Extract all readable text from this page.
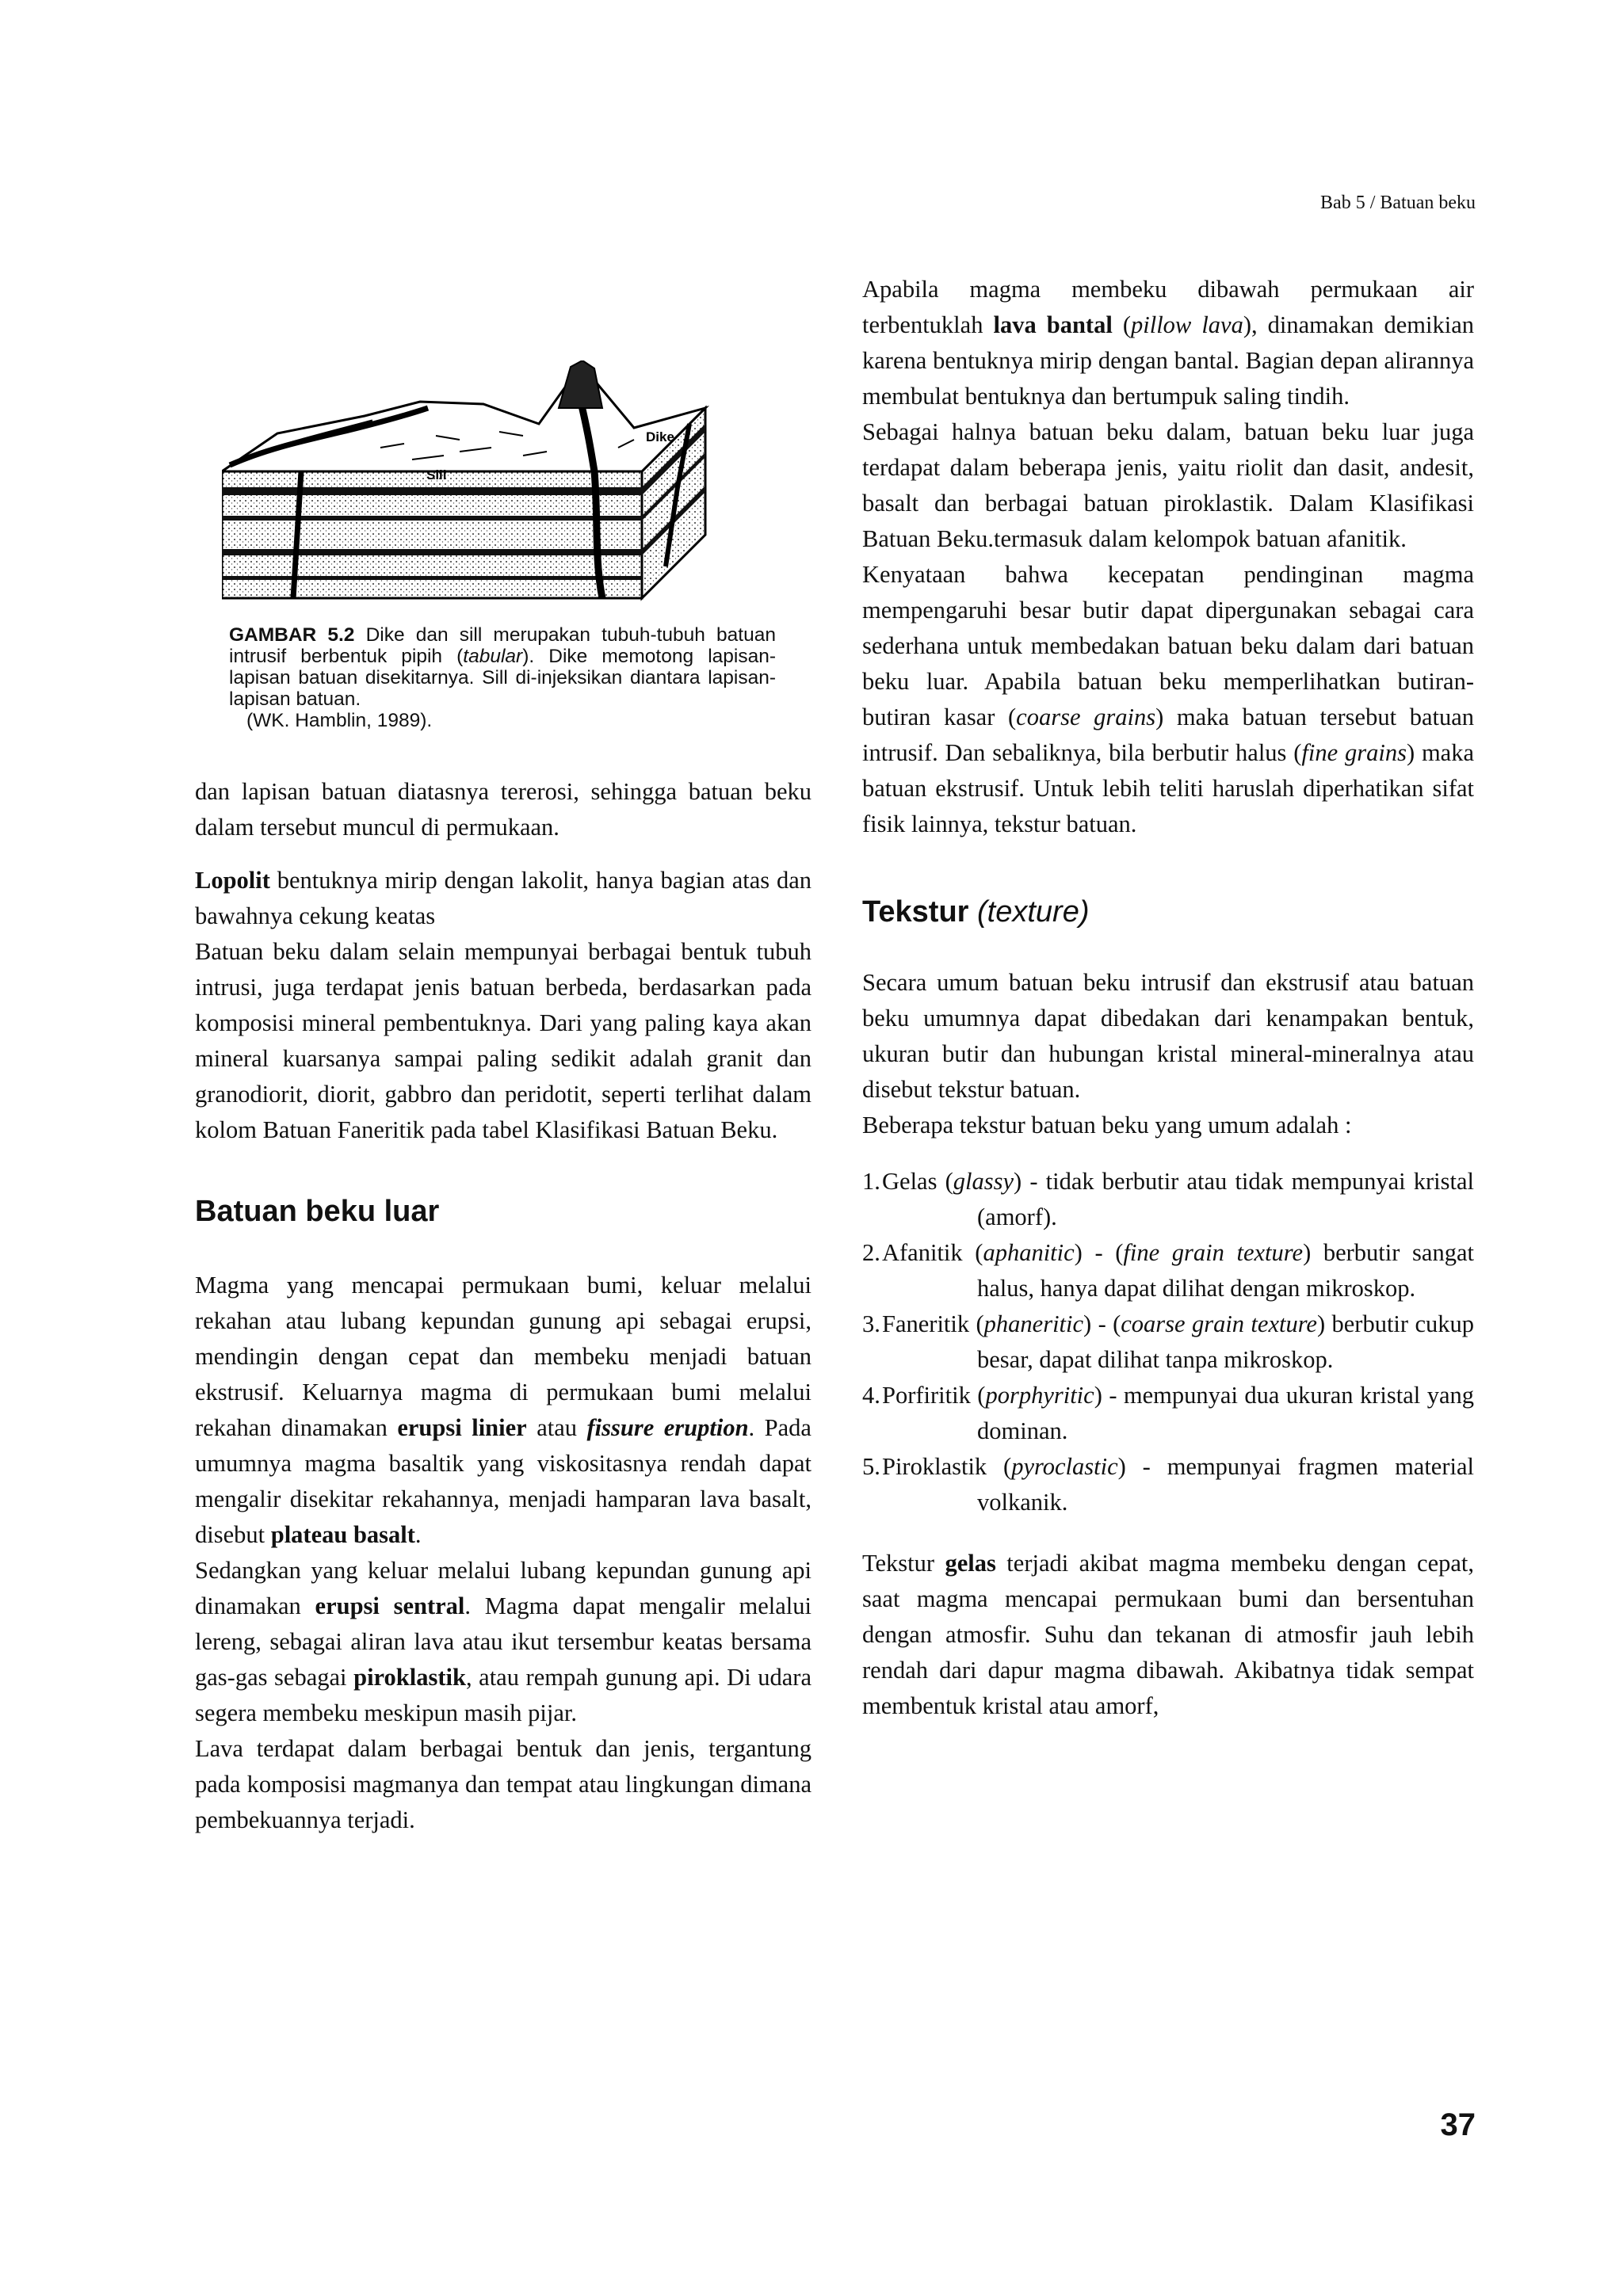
Bab 5 / Batuan beku
Sill
Dike
GAMBAR 5.2 Dike dan sill merupakan tubuh-tubuh batuan intrusif berbentuk pipih (tabular). Dike memotong lapisan-lapisan batuan disekitarnya. Sill di-injeksikan diantara lapisan-lapisan batuan.
(WK. Hamblin, 1989).

dan lapisan batuan diatasnya tererosi, sehingga batuan beku dalam tersebut muncul di permukaan.

Lopolit bentuknya mirip dengan lakolit, hanya bagian atas dan bawahnya cekung keatas

Batuan beku dalam selain mempunyai berbagai bentuk tubuh intrusi, juga terdapat jenis batuan berbeda, berdasarkan pada komposisi mineral pembentuknya. Dari yang paling kaya akan mineral kuarsanya sampai paling sedikit adalah granit dan granodiorit, diorit, gabbro dan peridotit, seperti terlihat dalam kolom Batuan Faneritik pada tabel Klasifikasi Batuan Beku.

Batuan beku luar

Magma yang mencapai permukaan bumi, keluar melalui rekahan atau lubang kepundan gunung api sebagai erupsi, mendingin dengan cepat dan membeku menjadi batuan ekstrusif. Keluarnya magma di permukaan bumi melalui rekahan dinamakan erupsi linier atau fissure eruption. Pada umumnya magma basaltik yang viskositasnya rendah dapat mengalir disekitar rekahannya, menjadi hamparan lava basalt, disebut plateau basalt.

Sedangkan yang keluar melalui lubang kepundan gunung api dinamakan erupsi sentral. Magma dapat mengalir melalui lereng, sebagai aliran lava atau ikut tersembur keatas bersama gas-gas sebagai piroklastik, atau rempah gunung api. Di udara segera membeku meskipun masih pijar.

Lava terdapat dalam berbagai bentuk dan jenis, tergantung pada komposisi magmanya dan tempat atau lingkungan dimana pembekuannya terjadi.

Apabila magma membeku dibawah permukaan air terbentuklah lava bantal (pillow lava), dinamakan demikian karena bentuknya mirip dengan bantal. Bagian depan alirannya membulat bentuknya dan bertumpuk saling tindih.

Sebagai halnya batuan beku dalam, batuan beku luar juga terdapat dalam beberapa jenis, yaitu riolit dan dasit, andesit, basalt dan berbagai batuan piroklastik. Dalam Klasifikasi Batuan Beku.termasuk dalam kelompok batuan afanitik.

Kenyataan bahwa kecepatan pendinginan magma mempengaruhi besar butir dapat dipergunakan sebagai cara sederhana untuk membedakan batuan beku dalam dari batuan beku luar. Apabila batuan beku memperlihatkan butiran-butiran kasar (coarse grains) maka batuan tersebut batuan intrusif. Dan sebaliknya, bila berbutir halus (fine grains) maka batuan ekstrusif. Untuk lebih teliti haruslah diperhatikan sifat fisik lainnya, tekstur batuan.

Tekstur (texture)

Secara umum batuan beku intrusif dan ekstrusif atau batuan beku umumnya dapat dibedakan dari kenampakan bentuk, ukuran butir dan hubungan kristal mineral-mineralnya atau disebut tekstur batuan.

Beberapa tekstur batuan beku yang umum adalah :

1. Gelas (glassy) - tidak berbutir atau tidak mempunyai kristal (amorf).
2. Afanitik (aphanitic) - (fine grain texture) berbutir sangat halus, hanya dapat dilihat dengan mikroskop.
3. Faneritik (phaneritic) - (coarse grain texture) berbutir cukup besar, dapat dilihat tanpa mikroskop.
4. Porfiritik (porphyritic) - mempunyai dua ukuran kristal yang dominan.
5. Piroklastik (pyroclastic) - mempunyai fragmen material volkanik.

Tekstur gelas terjadi akibat magma membeku dengan cepat, saat magma mencapai permukaan bumi dan bersentuhan dengan atmosfir. Suhu dan tekanan di atmosfir jauh lebih rendah dari dapur magma dibawah. Akibatnya tidak sempat membentuk kristal atau amorf,

37
